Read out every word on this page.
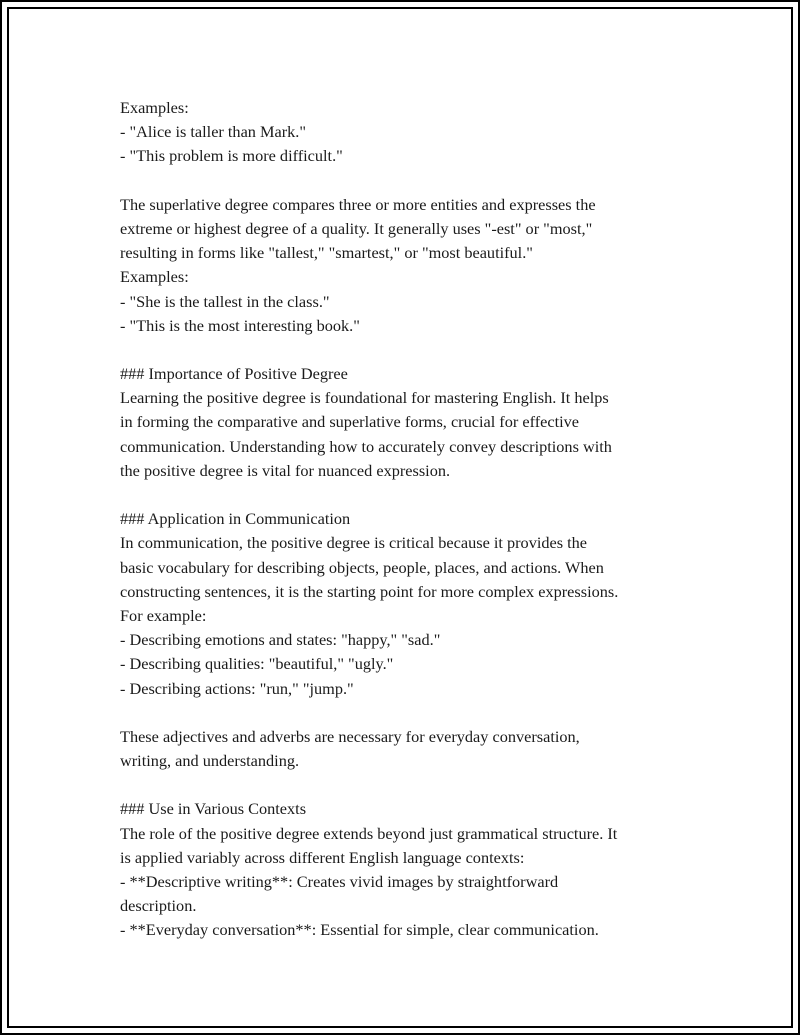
Examples:
- "Alice is taller than Mark."
- "This problem is more difficult."
The superlative degree compares three or more entities and expresses the
extreme or highest degree of a quality. It generally uses "-est" or "most,"
resulting in forms like "tallest," "smartest," or "most beautiful."
Examples:
- "She is the tallest in the class."
- "This is the most interesting book."
### Importance of Positive Degree
Learning the positive degree is foundational for mastering English. It helps
in forming the comparative and superlative forms, crucial for effective
communication. Understanding how to accurately convey descriptions with
the positive degree is vital for nuanced expression.
### Application in Communication
In communication, the positive degree is critical because it provides the
basic vocabulary for describing objects, people, places, and actions. When
constructing sentences, it is the starting point for more complex expressions.
For example:
- Describing emotions and states: "happy," "sad."
- Describing qualities: "beautiful," "ugly."
- Describing actions: "run," "jump."
These adjectives and adverbs are necessary for everyday conversation,
writing, and understanding.
### Use in Various Contexts
The role of the positive degree extends beyond just grammatical structure. It
is applied variably across different English language contexts:
- **Descriptive writing**: Creates vivid images by straightforward
description.
- **Everyday conversation**: Essential for simple, clear communication.
